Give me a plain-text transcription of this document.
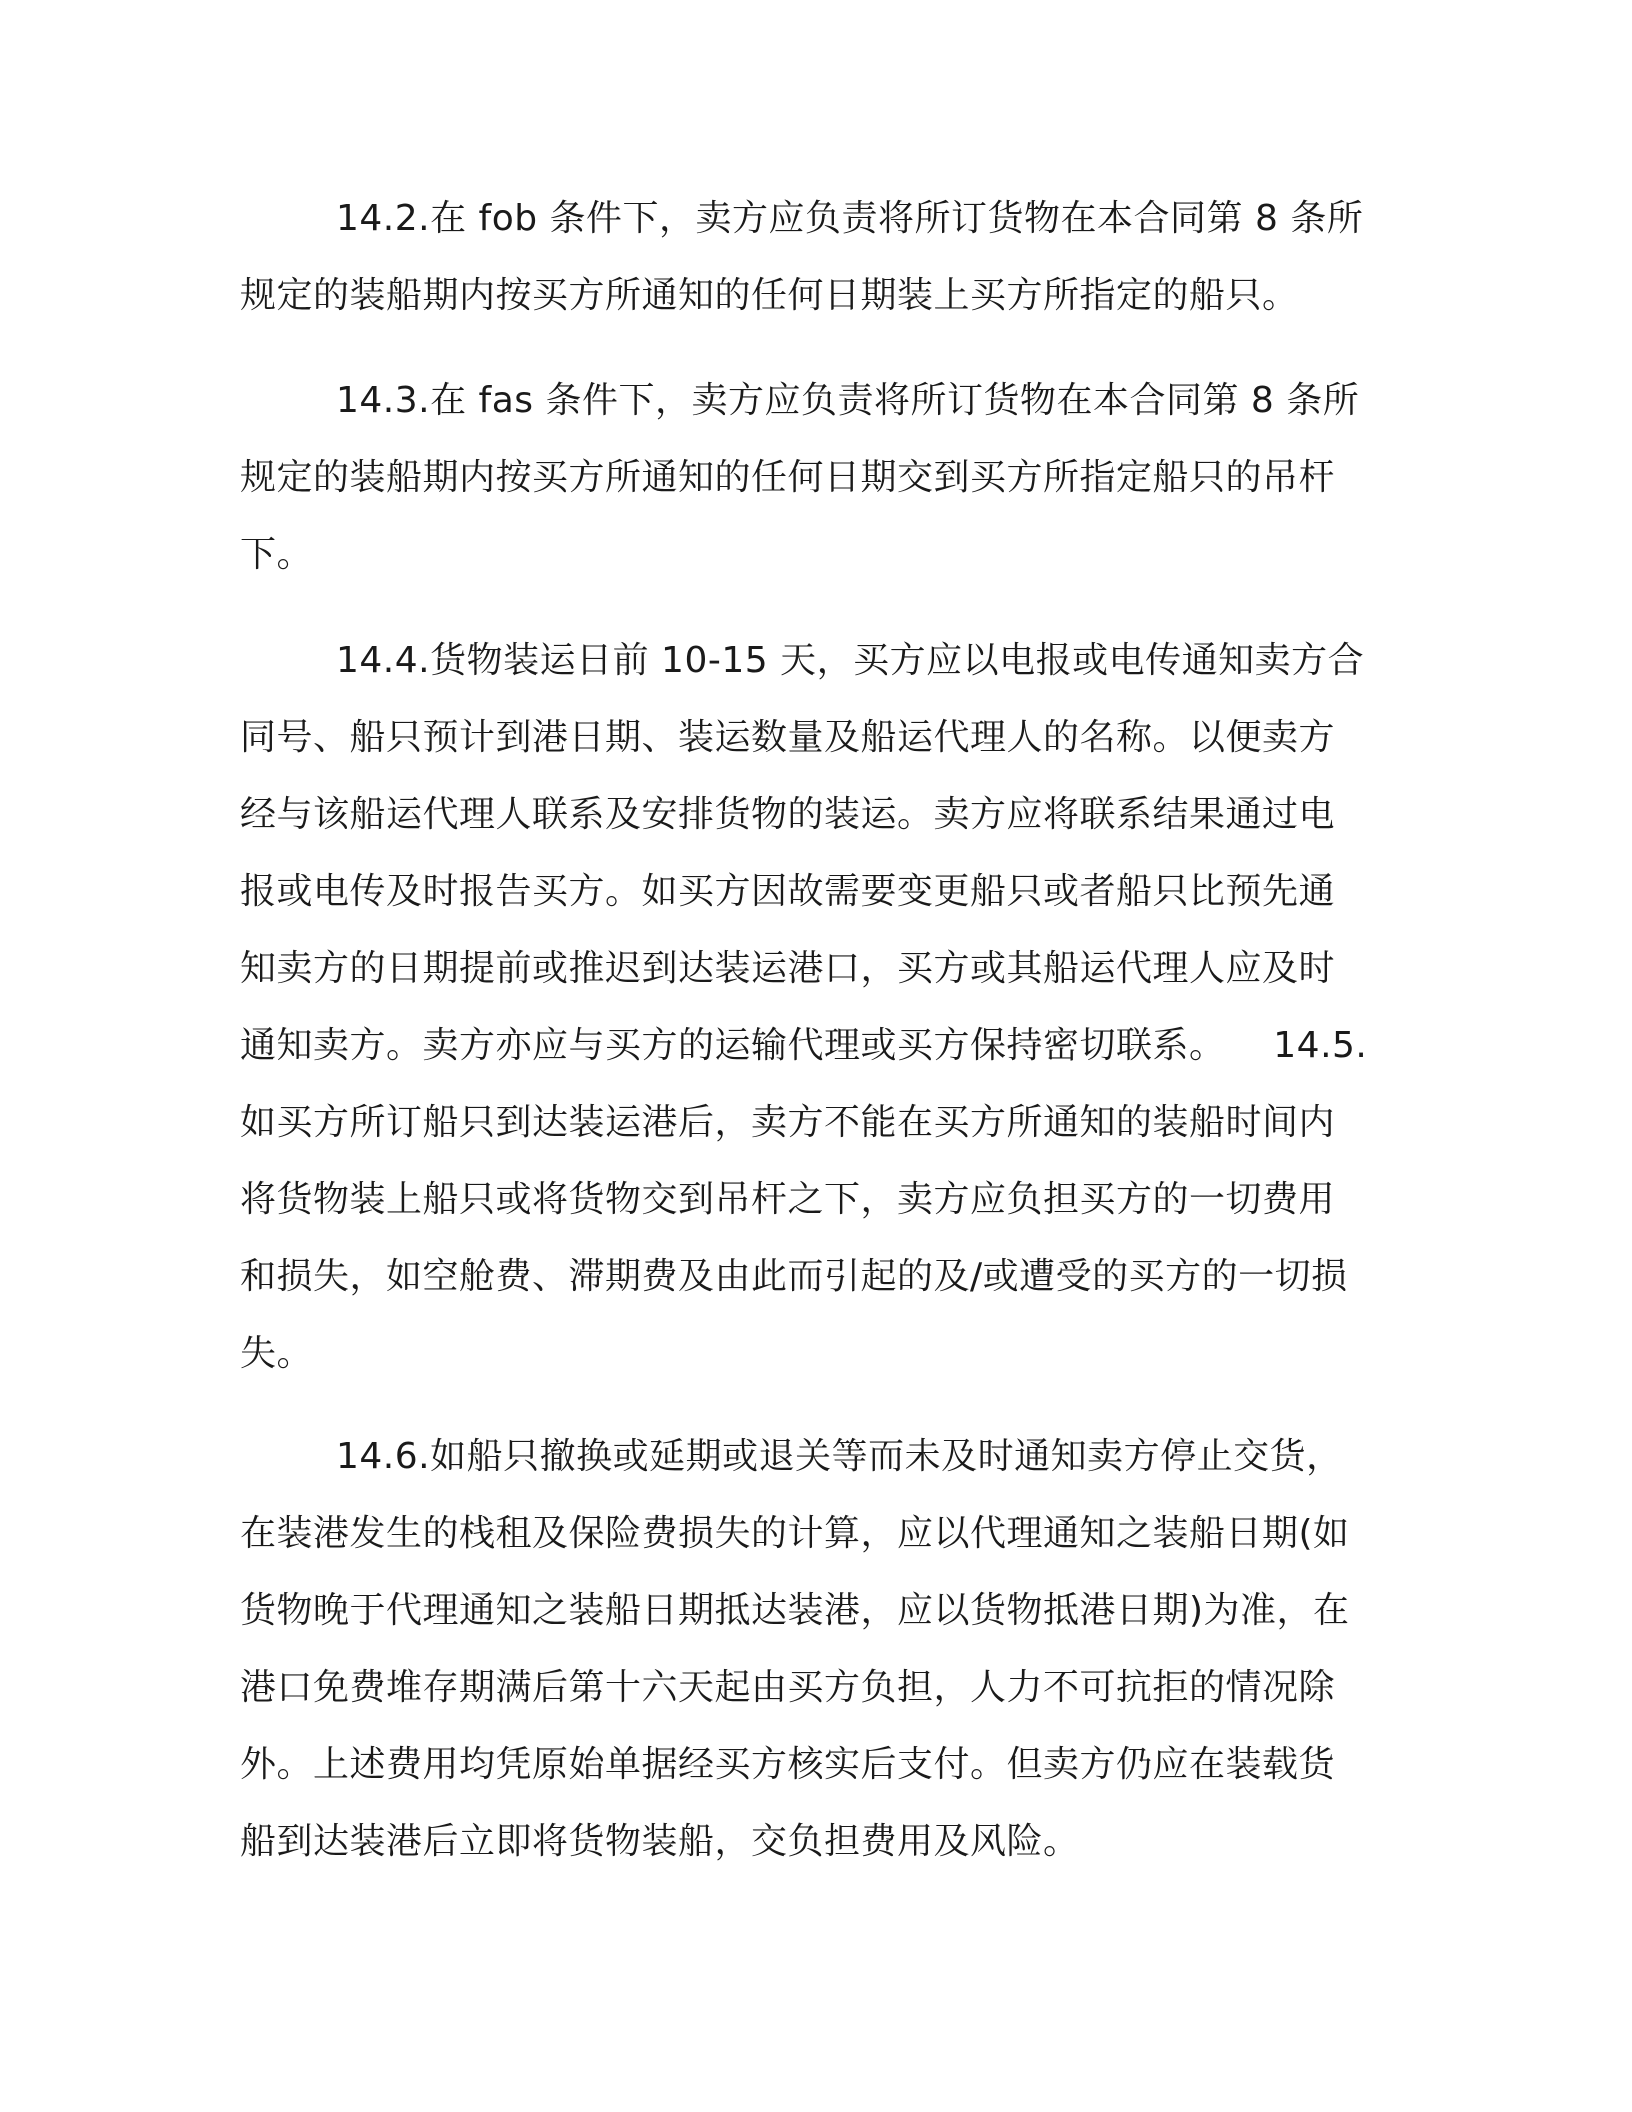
14.2.在 fob 条件下，卖方应负责将所订货物在本合同第 8 条所
规定的装船期内按买方所通知的任何日期装上买方所指定的船只。
14.3.在 fas 条件下，卖方应负责将所订货物在本合同第 8 条所
规定的装船期内按买方所通知的任何日期交到买方所指定船只的吊杆
下。
14.4.货物装运日前 10-15 天，买方应以电报或电传通知卖方合
同号、船只预计到港日期、装运数量及船运代理人的名称。以便卖方
经与该船运代理人联系及安排货物的装运。卖方应将联系结果通过电
报或电传及时报告买方。如买方因故需要变更船只或者船只比预先通
知卖方的日期提前或推迟到达装运港口，买方或其船运代理人应及时
通知卖方。卖方亦应与买方的运输代理或买方保持密切联系。    14.5.
如买方所订船只到达装运港后，卖方不能在买方所通知的装船时间内
将货物装上船只或将货物交到吊杆之下，卖方应负担买方的一切费用
和损失，如空舱费、滞期费及由此而引起的及/或遭受的买方的一切损
失。
14.6.如船只撤换或延期或退关等而未及时通知卖方停止交货，
在装港发生的栈租及保险费损失的计算，应以代理通知之装船日期(如
货物晚于代理通知之装船日期抵达装港，应以货物抵港日期)为准，在
港口免费堆存期满后第十六天起由买方负担，人力不可抗拒的情况除
外。上述费用均凭原始单据经买方核实后支付。但卖方仍应在装载货
船到达装港后立即将货物装船，交负担费用及风险。
